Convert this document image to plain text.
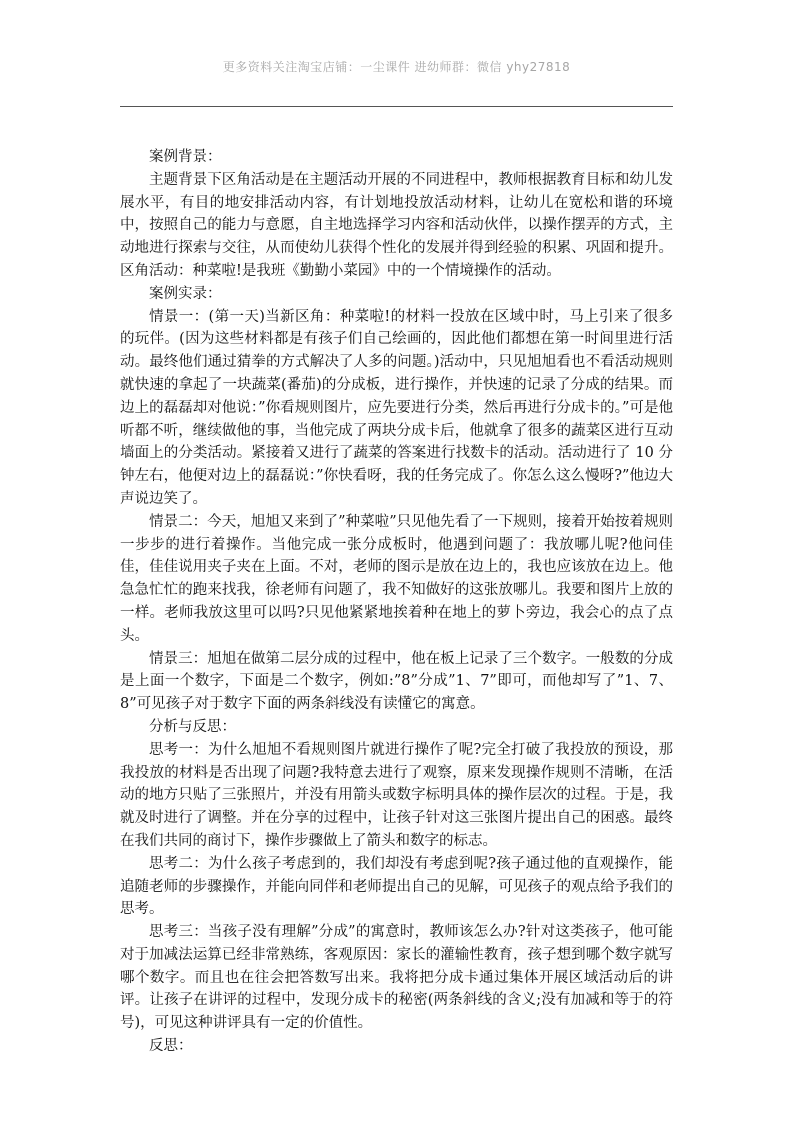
更多资料关注淘宝店铺：一尘课件 进幼师群：微信 yhy27818

案例背景：

主题背景下区角活动是在主题活动开展的不同进程中，教师根据教育目标和幼儿发展水平，有目的地安排活动内容，有计划地投放活动材料，让幼儿在宽松和谐的环境中，按照自己的能力与意愿，自主地选择学习内容和活动伙伴，以操作摆弄的方式，主动地进行探索与交往，从而使幼儿获得个性化的发展并得到经验的积累、巩固和提升。区角活动：种菜啦!是我班《勤勤小菜园》中的一个情境操作的活动。

案例实录：

情景一：(第一天)当新区角：种菜啦!的材料一投放在区域中时，马上引来了很多的玩伴。(因为这些材料都是有孩子们自己绘画的，因此他们都想在第一时间里进行活动。最终他们通过猜拳的方式解决了人多的问题。)活动中，只见旭旭看也不看活动规则就快速的拿起了一块蔬菜(番茄)的分成板，进行操作，并快速的记录了分成的结果。而边上的磊磊却对他说：”你看规则图片，应先要进行分类，然后再进行分成卡的。”可是他听都不听，继续做他的事，当他完成了两块分成卡后，他就拿了很多的蔬菜区进行互动墙面上的分类活动。紧接着又进行了蔬菜的答案进行找数卡的活动。活动进行了 10 分钟左右，他便对边上的磊磊说：”你快看呀，我的任务完成了。你怎么这么慢呀?”他边大声说边笑了。

情景二：今天，旭旭又来到了”种菜啦”只见他先看了一下规则，接着开始按着规则一步步的进行着操作。当他完成一张分成板时，他遇到问题了：我放哪儿呢?他问佳佳，佳佳说用夹子夹在上面。不对，老师的图示是放在边上的，我也应该放在边上。他急急忙忙的跑来找我，徐老师有问题了，我不知做好的这张放哪儿。我要和图片上放的一样。老师我放这里可以吗?只见他紧紧地挨着种在地上的萝卜旁边，我会心的点了点头。

情景三：旭旭在做第二层分成的过程中，他在板上记录了三个数字。一般数的分成是上面一个数字，下面是二个数字，例如:”8”分成”1、7”即可，而他却写了”1、7、8”可见孩子对于数字下面的两条斜线没有读懂它的寓意。

分析与反思：

思考一：为什么旭旭不看规则图片就进行操作了呢?完全打破了我投放的预设，那我投放的材料是否出现了问题?我特意去进行了观察，原来发现操作规则不清晰，在活动的地方只贴了三张照片，并没有用箭头或数字标明具体的操作层次的过程。于是，我就及时进行了调整。并在分享的过程中，让孩子针对这三张图片提出自己的困惑。最终在我们共同的商讨下，操作步骤做上了箭头和数字的标志。

思考二：为什么孩子考虑到的，我们却没有考虑到呢?孩子通过他的直观操作，能追随老师的步骤操作，并能向同伴和老师提出自己的见解，可见孩子的观点给予我们的思考。

思考三：当孩子没有理解”分成”的寓意时，教师该怎么办?针对这类孩子，他可能对于加减法运算已经非常熟练，客观原因：家长的灌输性教育，孩子想到哪个数字就写哪个数字。而且也在往会把答数写出来。我将把分成卡通过集体开展区域活动后的讲评。让孩子在讲评的过程中，发现分成卡的秘密(两条斜线的含义;没有加减和等于的符号)，可见这种讲评具有一定的价值性。

反思：
